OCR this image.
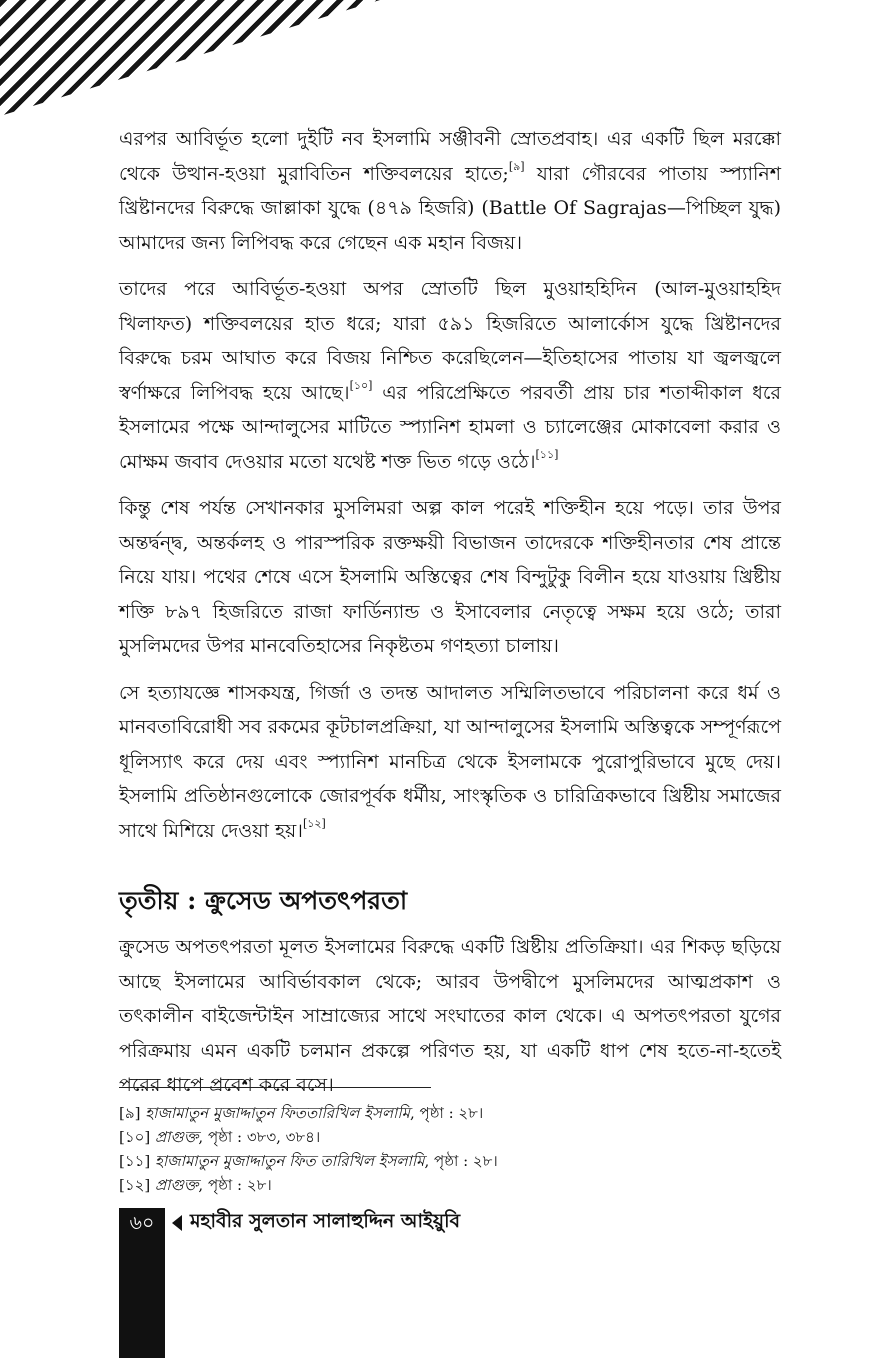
এরপর আবির্ভূত হলো দুইটি নব ইসলামি সঞ্জীবনী স্রোতপ্রবাহ। এর একটি ছিল মরক্কো থেকে উত্থান-হওয়া মুরাবিতিন শক্তিবলয়ের হাতে;[৯] যারা গৌরবের পাতায় স্প্যানিশ খ্রিষ্টানদের বিরুদ্ধে জাল্লাকা যুদ্ধে (৪৭৯ হিজরি) (Battle Of Sagrajas—পিচ্ছিল যুদ্ধ) আমাদের জন্য লিপিবদ্ধ করে গেছেন এক মহান বিজয়।

তাদের পরে আবির্ভূত-হওয়া অপর স্রোতটি ছিল মুওয়াহহিদিন (আল-মুওয়াহহিদ খিলাফত) শক্তিবলয়ের হাত ধরে; যারা ৫৯১ হিজরিতে আলার্কোস যুদ্ধে খ্রিষ্টানদের বিরুদ্ধে চরম আঘাত করে বিজয় নিশ্চিত করেছিলেন—ইতিহাসের পাতায় যা জ্বলজ্বলে স্বর্ণাক্ষরে লিপিবদ্ধ হয়ে আছে।[১০] এর পরিপ্রেক্ষিতে পরবর্তী প্রায় চার শতাব্দীকাল ধরে ইসলামের পক্ষে আন্দালুসের মাটিতে স্প্যানিশ হামলা ও চ্যালেঞ্জের মোকাবেলা করার ও মোক্ষম জবাব দেওয়ার মতো যথেষ্ট শক্ত ভিত গড়ে ওঠে।[১১]

কিন্তু শেষ পর্যন্ত সেখানকার মুসলিমরা অল্প কাল পরেই শক্তিহীন হয়ে পড়ে। তার উপর অন্তর্দ্বন্দ্ব, অন্তর্কলহ ও পারস্পরিক রক্তক্ষয়ী বিভাজন তাদেরকে শক্তিহীনতার শেষ প্রান্তে নিয়ে যায়। পথের শেষে এসে ইসলামি অস্তিত্বের শেষ বিন্দুটুকু বিলীন হয়ে যাওয়ায় খ্রিষ্টীয় শক্তি ৮৯৭ হিজরিতে রাজা ফার্ডিন্যান্ড ও ইসাবেলার নেতৃত্বে সক্ষম হয়ে ওঠে; তারা মুসলিমদের উপর মানবেতিহাসের নিকৃষ্টতম গণহত্যা চালায়।

সে হত্যাযজ্ঞে শাসকযন্ত্র, গির্জা ও তদন্ত আদালত সম্মিলিতভাবে পরিচালনা করে ধর্ম ও মানবতাবিরোধী সব রকমের কূটচালপ্রক্রিয়া, যা আন্দালুসের ইসলামি অস্তিত্বকে সম্পূর্ণরূপে ধূলিস্যাৎ করে দেয় এবং স্প্যানিশ মানচিত্র থেকে ইসলামকে পুরোপুরিভাবে মুছে দেয়। ইসলামি প্রতিষ্ঠানগুলোকে জোরপূর্বক ধর্মীয়, সাংস্কৃতিক ও চারিত্রিকভাবে খ্রিষ্টীয় সমাজের সাথে মিশিয়ে দেওয়া হয়।[১২]

তৃতীয় : ক্রুসেড অপতৎপরতা

ক্রুসেড অপতৎপরতা মূলত ইসলামের বিরুদ্ধে একটি খ্রিষ্টীয় প্রতিক্রিয়া। এর শিকড় ছড়িয়ে আছে ইসলামের আবির্ভাবকাল থেকে; আরব উপদ্বীপে মুসলিমদের আত্মপ্রকাশ ও তৎকালীন বাইজেন্টাইন সাম্রাজ্যের সাথে সংঘাতের কাল থেকে। এ অপতৎপরতা যুগের পরিক্রমায় এমন একটি চলমান প্রকল্পে পরিণত হয়, যা একটি ধাপ শেষ হতে-না-হতেই পরের ধাপে প্রবেশ করে বসে।

[৯] হাজামাতুন মুজাদ্দাতুন ফিততারিখিল ইসলামি, পৃষ্ঠা : ২৮।
[১০] প্রাগুক্ত, পৃষ্ঠা : ৩৮৩, ৩৮৪।
[১১] হাজামাতুন মুজাদ্দাতুন ফিত তারিখিল ইসলামি, পৃষ্ঠা : ২৮।
[১২] প্রাগুক্ত, পৃষ্ঠা : ২৮।
৬০	মহাবীর সুলতান সালাহুদ্দিন আইয়ুবি
